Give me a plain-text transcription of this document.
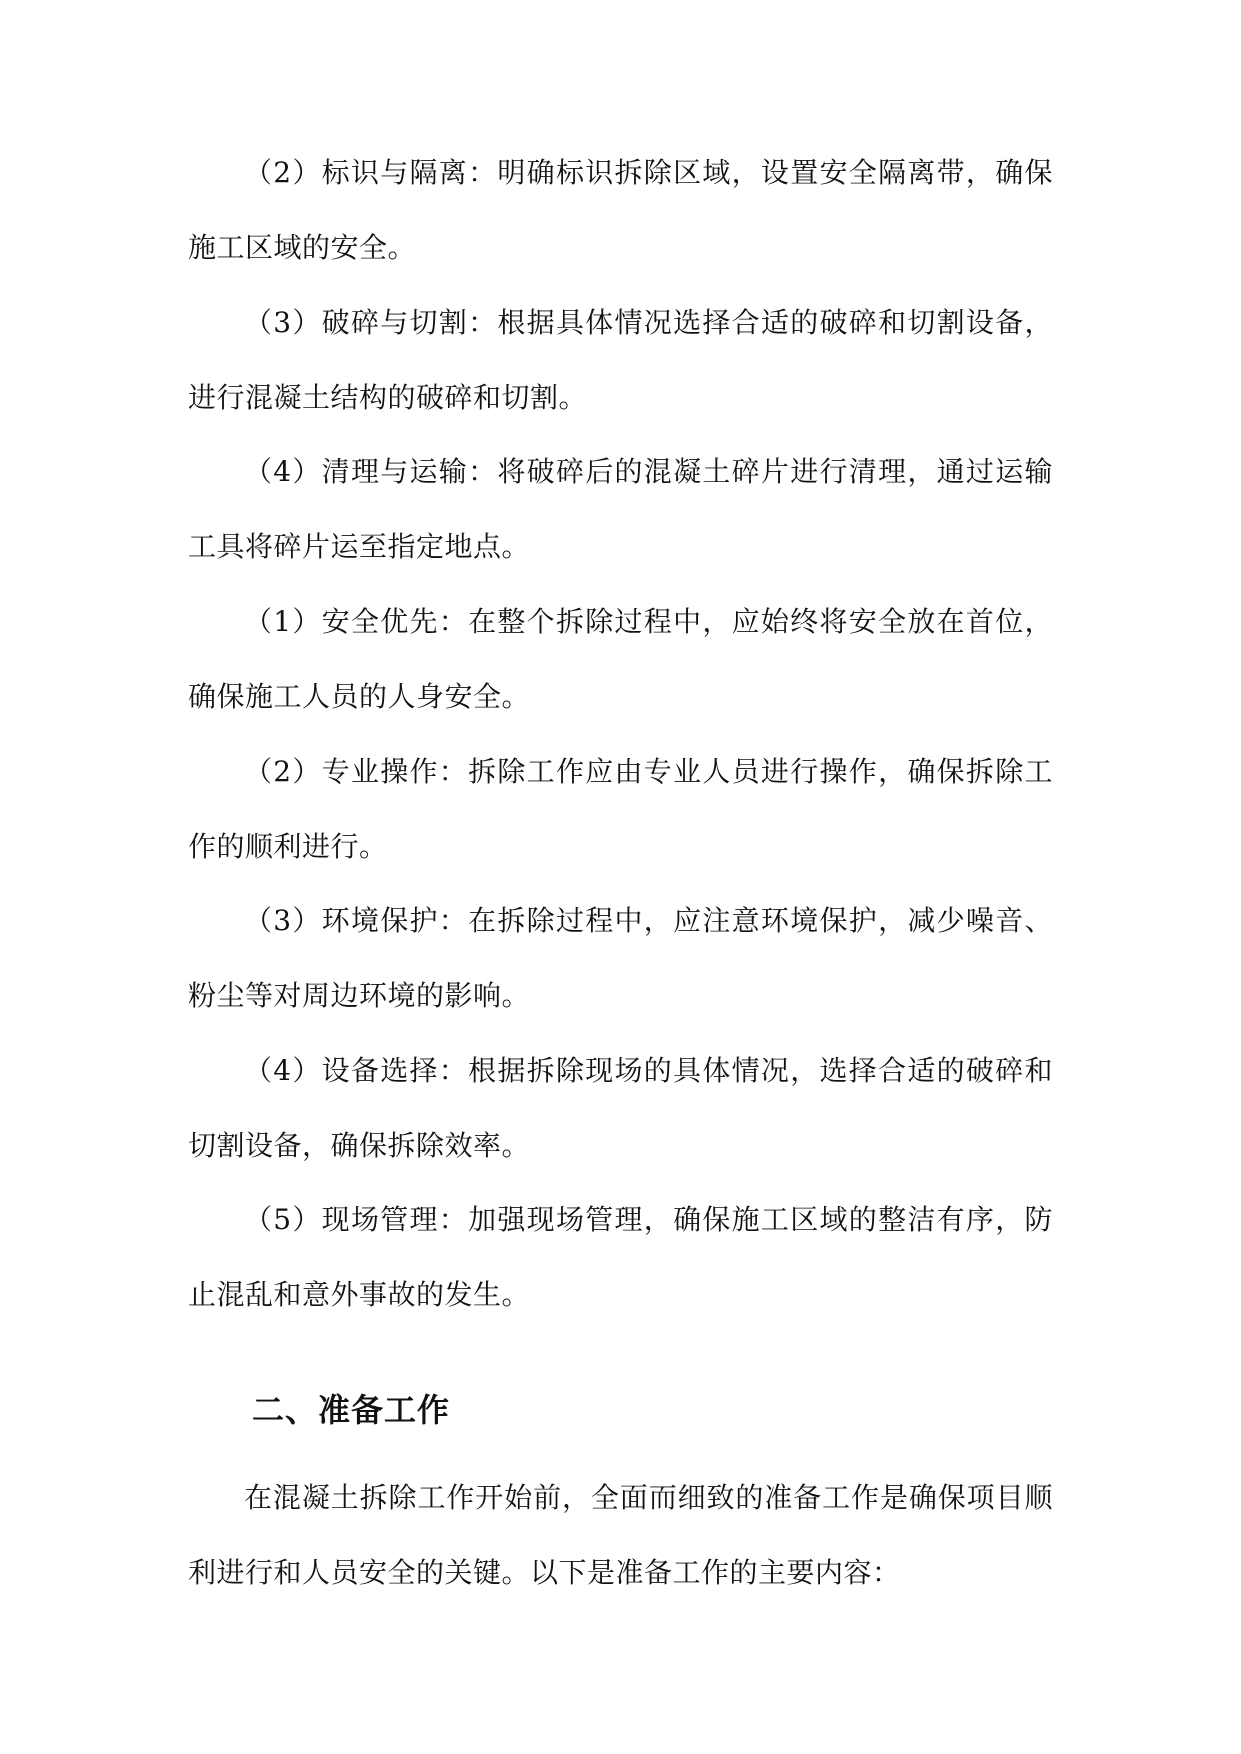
（2）标识与隔离：明确标识拆除区域，设置安全隔离带，确保施工区域的安全。

（3）破碎与切割：根据具体情况选择合适的破碎和切割设备，进行混凝土结构的破碎和切割。

（4）清理与运输：将破碎后的混凝土碎片进行清理，通过运输工具将碎片运至指定地点。

（1）安全优先：在整个拆除过程中，应始终将安全放在首位，确保施工人员的人身安全。

（2）专业操作：拆除工作应由专业人员进行操作，确保拆除工作的顺利进行。

（3）环境保护：在拆除过程中，应注意环境保护，减少噪音、粉尘等对周边环境的影响。

（4）设备选择：根据拆除现场的具体情况，选择合适的破碎和切割设备，确保拆除效率。

（5）现场管理：加强现场管理，确保施工区域的整洁有序，防止混乱和意外事故的发生。

二、准备工作

在混凝土拆除工作开始前，全面而细致的准备工作是确保项目顺利进行和人员安全的关键。以下是准备工作的主要内容：
